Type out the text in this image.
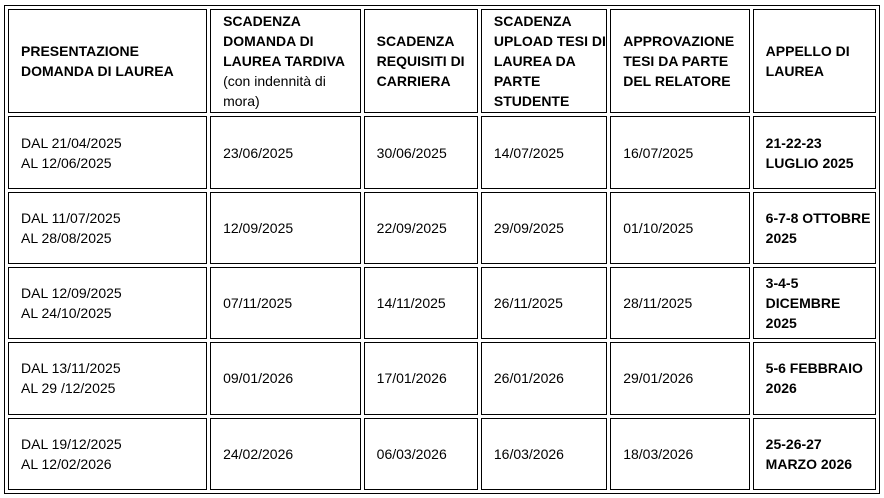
PRESENTAZIONE
DOMANDA DI LAUREA	SCADENZA
DOMANDA DI
LAUREA TARDIVA
(con indennità di
mora)	SCADENZA
REQUISITI DI
CARRIERA	SCADENZA
UPLOAD TESI DI
LAUREA DA
PARTE
STUDENTE	APPROVAZIONE
TESI DA PARTE
DEL RELATORE	APPELLO DI
LAUREA

DAL 21/04/2025
AL 12/06/2025	23/06/2025	30/06/2025	14/07/2025	16/07/2025	21-22-23
LUGLIO 2025

DAL 11/07/2025
AL 28/08/2025	12/09/2025	22/09/2025	29/09/2025	01/10/2025	6-7-8 OTTOBRE
2025

DAL 12/09/2025
AL 24/10/2025	07/11/2025	14/11/2025	26/11/2025	28/11/2025	3-4-5
DICEMBRE
2025

DAL 13/11/2025
AL 29 /12/2025	09/01/2026	17/01/2026	26/01/2026	29/01/2026	5-6 FEBBRAIO
2026

DAL 19/12/2025
AL 12/02/2026	24/02/2026	06/03/2026	16/03/2026	18/03/2026	25-26-27
MARZO 2026
